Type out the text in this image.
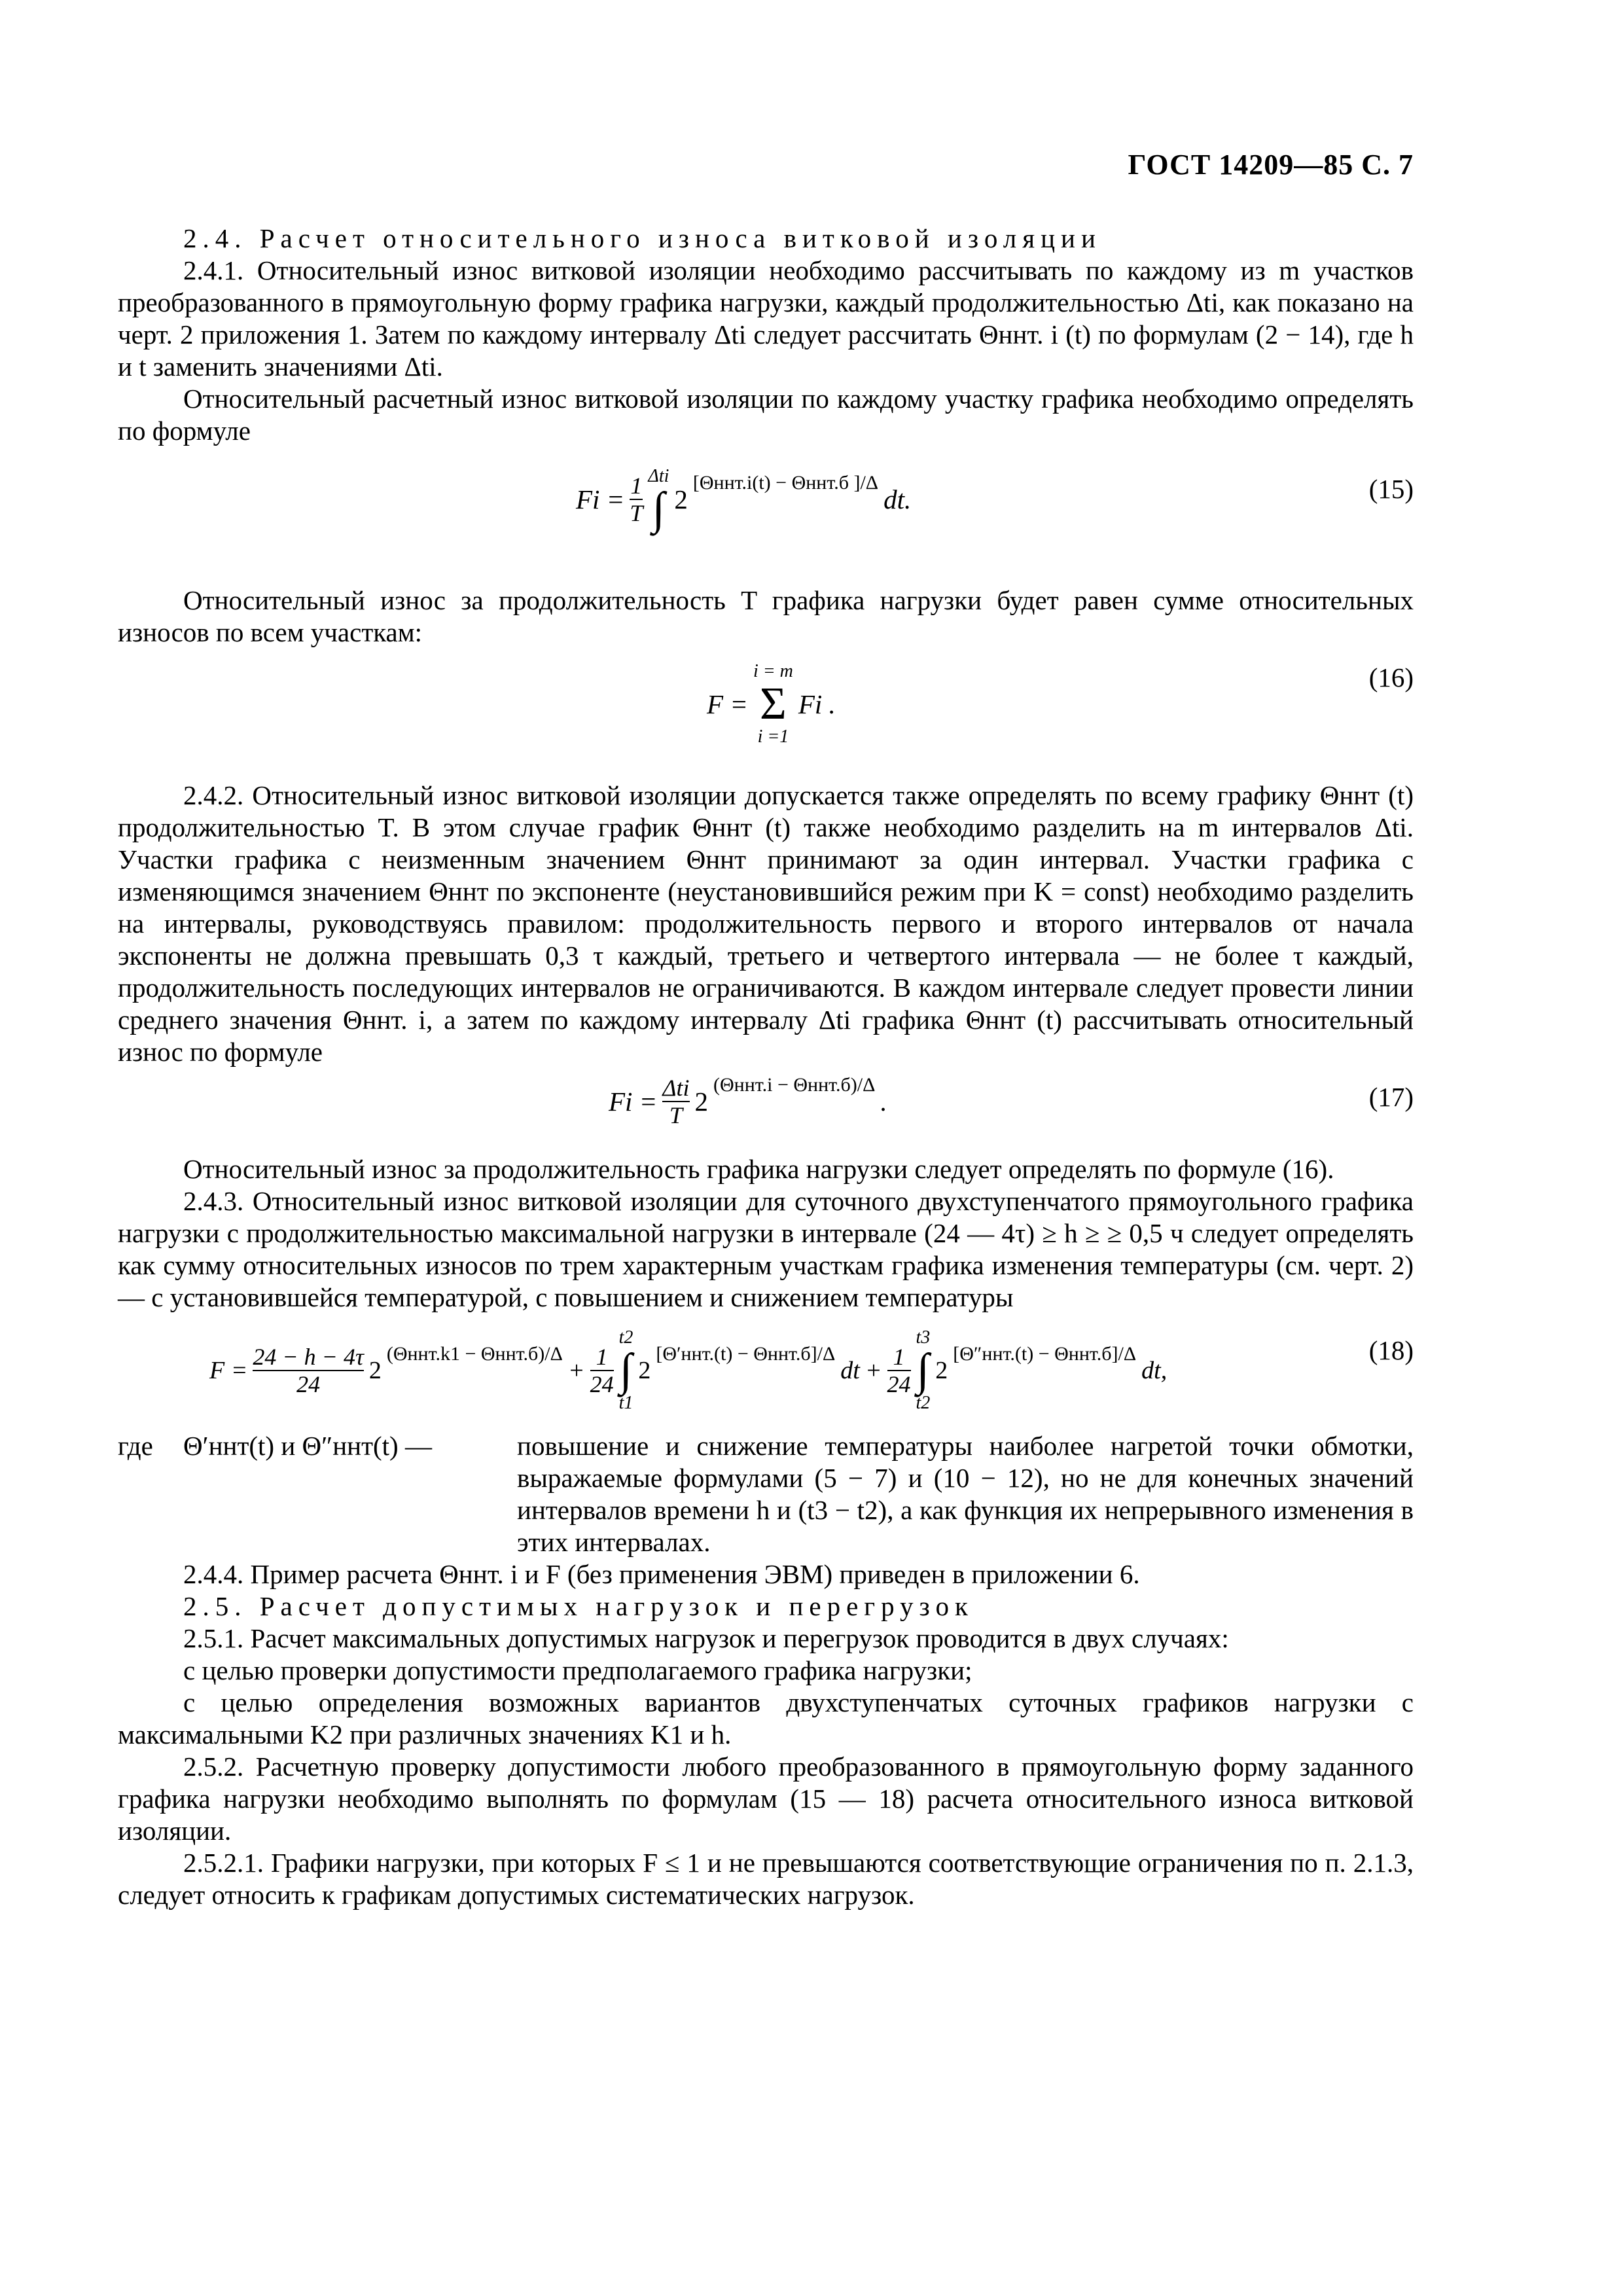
ГОСТ 14209—85 С. 7

2.4. Расчет относительного износа витковой изоляции

2.4.1. Относительный износ витковой изоляции необходимо рассчитывать по каждому из m участков преобразованного в прямоугольную форму графика нагрузки, каждый продолжительностью Δti, как показано на черт. 2 приложения 1. Затем по каждому интервалу Δti следует рассчитать Θннт. i (t) по формулам (2 − 14), где h и t заменить значениями Δti.

Относительный расчетный износ витковой изоляции по каждому участку графика необходимо определять по формуле

$Fi = \frac{1}{T}$ Δti
∫ 2
[Θннт.i(t) − Θннт.б ]/Δ
dt.	(15)

Относительный износ за продолжительность T графика нагрузки будет равен сумме относительных износов по всем участкам:

F =
i = m
Σ
i =1
Fi .
(16)

2.4.2. Относительный износ витковой изоляции допускается также определять по всему графику Θннт (t) продолжительностью T. В этом случае график Θннт (t) также необходимо разделить на m интервалов Δti. Участки графика с неизменным значением Θннт принимают за один интервал. Участки графика с изменяющимся значением Θннт по экспоненте (неустановившийся режим при K = const) необходимо разделить на интервалы, руководствуясь правилом: продолжительность первого и второго интервалов от начала экспоненты не должна превышать 0,3 τ каждый, третьего и четвертого интервала — не более τ каждый, продолжительность последующих интервалов не ограничиваются. В каждом интервале следует провести линии среднего значения Θннт. i, а затем по каждому интервалу Δti графика Θннт (t) рассчитывать относительный износ по формуле

$Fi = \frac{\text{Δti}}{T} 2$
(Θннт.i − Θннт.б)/Δ
.	(17)

Относительный износ за продолжительность графика нагрузки следует определять по формуле (16).

2.4.3. Относительный износ витковой изоляции для суточного двухступенчатого прямоугольного графика нагрузки с продолжительностью максимальной нагрузки в интервале (24 — 4τ) ≥ h ≥ ≥ 0,5 ч следует определять как сумму относительных износов по трем характерным участкам графика изменения температуры (см. черт. 2) — с установившейся температурой, с повышением и снижением температуры

$F = \frac{24 - h - 4\tau}{24} 2$
(Θннт.k1 − Θннт.б)/Δ
+ $\frac{1}{24}$
t2
∫
t1
2
[Θ′ннт.(t) − Θннт.б]/Δ
dt + $\frac{1}{24}$
t3
∫
t2
2
[Θ″ннт.(t) − Θннт.б]/Δ
dt,
(18)
где	Θ′ннт(t) и Θ″ннт(t) —	повышение и снижение температуры наиболее нагретой точки обмотки, выражаемые формулами (5 − 7) и (10 − 12), но не для конечных значений интервалов времени h и (t3 − t2), а как функция их непрерывного изменения в этих интервалах.

2.4.4. Пример расчета Θннт. i и F (без применения ЭВМ) приведен в приложении 6.

2.5. Расчет допустимых нагрузок и перегрузок

2.5.1. Расчет максимальных допустимых нагрузок и перегрузок проводится в двух случаях:

с целью проверки допустимости предполагаемого графика нагрузки;

с целью определения возможных вариантов двухступенчатых суточных графиков нагрузки с максимальными K2 при различных значениях K1 и h.

2.5.2. Расчетную проверку допустимости любого преобразованного в прямоугольную форму заданного графика нагрузки необходимо выполнять по формулам (15 — 18) расчета относительного износа витковой изоляции.

2.5.2.1. Графики нагрузки, при которых F ≤ 1 и не превышаются соответствующие ограничения по п. 2.1.3, следует относить к графикам допустимых систематических нагрузок.
